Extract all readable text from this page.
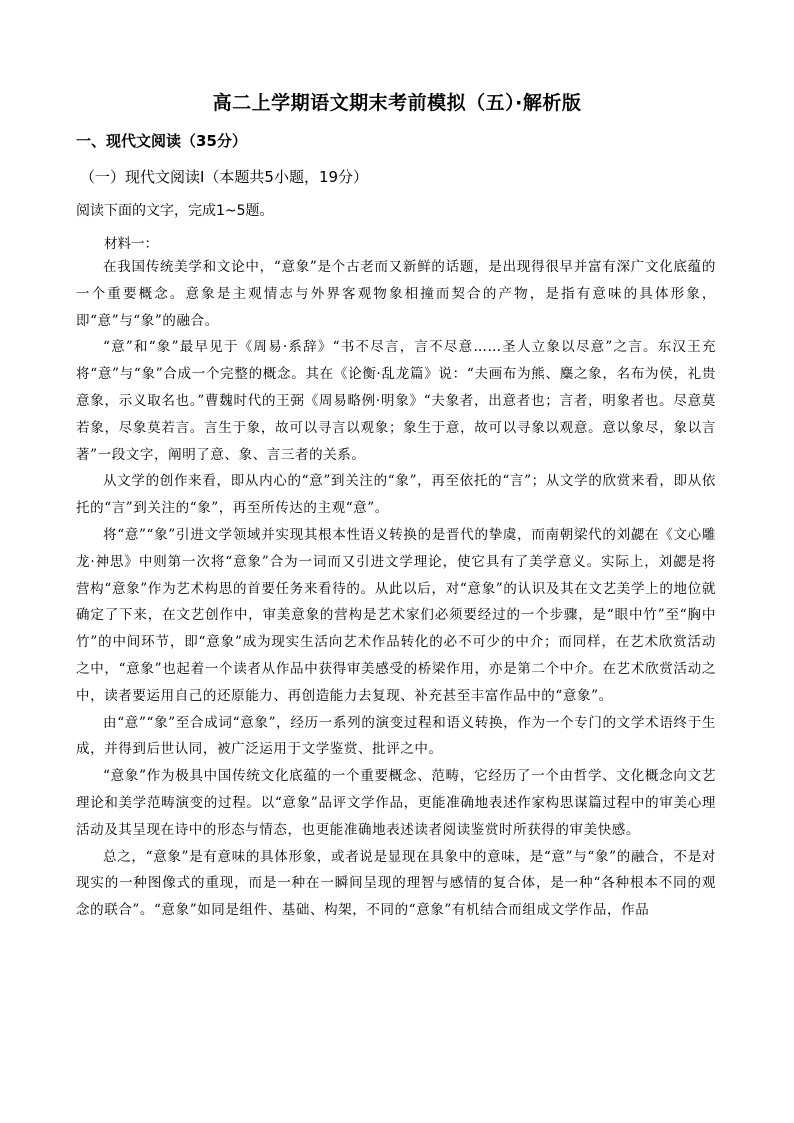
高二上学期语文期末考前模拟（五）·解析版

一、现代文阅读（35分）

（一）现代文阅读Ⅰ（本题共5小题，19分）

阅读下面的文字，完成1~5题。

材料一：

在我国传统美学和文论中，“意象”是个古老而又新鲜的话题，是出现得很早并富有深广文化底蕴的一个重要概念。意象是主观情志与外界客观物象相撞而契合的产物，是指有意味的具体形象，即“意”与“象”的融合。

“意”和“象”最早见于《周易·系辞》“书不尽言，言不尽意……圣人立象以尽意”之言。东汉王充将“意”与“象”合成一个完整的概念。其在《论衡·乱龙篇》说：“夫画布为熊、麋之象，名布为侯，礼贵意象，示义取名也。”曹魏时代的王弼《周易略例·明象》“夫象者，出意者也；言者，明象者也。尽意莫若象，尽象莫若言。言生于象，故可以寻言以观象；象生于意，故可以寻象以观意。意以象尽，象以言著”一段文字，阐明了意、象、言三者的关系。

从文学的创作来看，即从内心的“意”到关注的“象”，再至依托的“言”；从文学的欣赏来看，即从依托的“言”到关注的“象”，再至所传达的主观“意”。

将“意”“象”引进文学领域并实现其根本性语义转换的是晋代的挚虞，而南朝梁代的刘勰在《文心雕龙·神思》中则第一次将“意象”合为一词而又引进文学理论，使它具有了美学意义。实际上，刘勰是将营构“意象”作为艺术构思的首要任务来看待的。从此以后，对“意象”的认识及其在文艺美学上的地位就确定了下来，在文艺创作中，审美意象的营构是艺术家们必须要经过的一个步骤，是“眼中竹”至“胸中竹”的中间环节，即“意象”成为现实生活向艺术作品转化的必不可少的中介；而同样，在艺术欣赏活动之中，“意象”也起着一个读者从作品中获得审美感受的桥梁作用，亦是第二个中介。在艺术欣赏活动之中，读者要运用自己的还原能力、再创造能力去复现、补充甚至丰富作品中的“意象”。

由“意”“象”至合成词“意象”，经历一系列的演变过程和语义转换，作为一个专门的文学术语终于生成，并得到后世认同，被广泛运用于文学鉴赏、批评之中。

“意象”作为极具中国传统文化底蕴的一个重要概念、范畴，它经历了一个由哲学、文化概念向文艺理论和美学范畴演变的过程。以“意象”品评文学作品，更能准确地表述作家构思谋篇过程中的审美心理活动及其呈现在诗中的形态与情态，也更能准确地表述读者阅读鉴赏时所获得的审美快感。

总之，“意象”是有意味的具体形象，或者说是显现在具象中的意味，是“意”与“象”的融合，不是对现实的一种图像式的重现，而是一种在一瞬间呈现的理智与感情的复合体，是一种“各种根本不同的观念的联合”。“意象”如同是组件、基础、构架，不同的“意象”有机结合而组成文学作品，作品
